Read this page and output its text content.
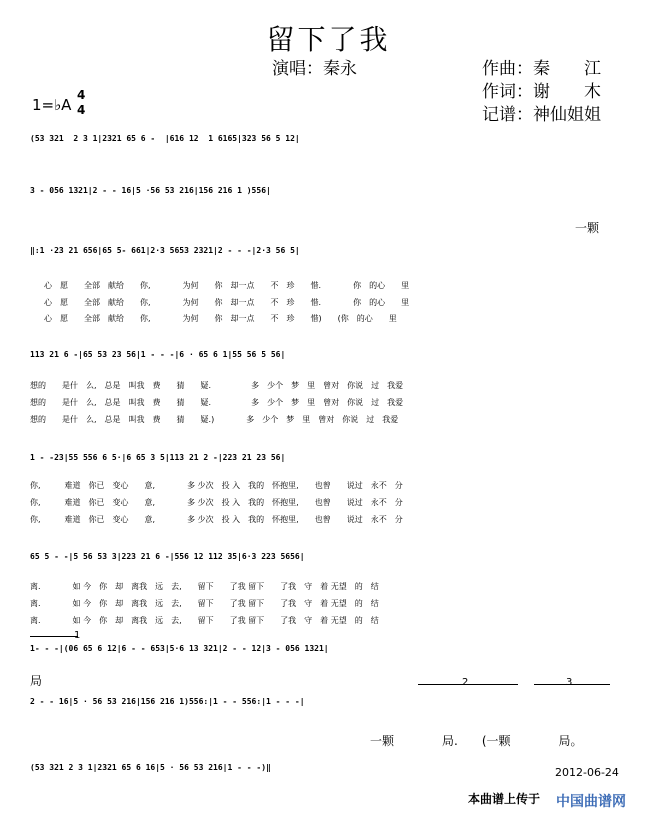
留下了我
演唱：秦永	作曲：秦　　江
作词：谢　　木
记谱：神仙姐姐
1=♭A
4
4
(53 321  2 3 1|2321 65 6 -  |616 12  1 6165|323 56 5 12|
3 - 056 1321|2 - - 16|5 ·56 53 216|156 216 1 )556|
一颗
‖:1 ·23 21 656|65 5- 661|2·3 5653 2321|2 - - -|2·3 56 5|
心　愿　　全部　献给　　你,　　　　为何　　你　却一点　　不　珍　　惜.　　　　你　的心　　里
心　愿　　全部　献给　　你,　　　　为何　　你　却一点　　不　珍　　惜.　　　　你　的心　　里
心　愿　　全部　献给　　你,　　　　为何　　你　却一点　　不　珍　　惜)　　(你　的心　　里
113 21 6 -|65 53 23 56|1 - - -|6 · 65 6 1|55 56 5 56|
想的　　是什　么,　总是　叫我　费　　猜　　疑.　　　　　多　少个　梦　里　曾对　你说　过　我爱
想的　　是什　么,　总是　叫我　费　　猜　　疑.　　　　　多　少个　梦　里　曾对　你说　过　我爱
想的　　是什　么,　总是　叫我　费　　猜　　疑.)　　　　多　少个　梦　里　曾对　你说　过　我爱
1 - -23|55 556 6 5·|6 65 3 5|113 21 2 -|223 21 23 56|
你,　　　难道　你已　变心　　意,　　　　多 少次　投 入　我的　怀抱里,　　也曾　　说过　永不　分
你,　　　难道　你已　变心　　意,　　　　多 少次　投 入　我的　怀抱里,　　也曾　　说过　永不　分
你,　　　难道　你已　变心　　意,　　　　多 少次　投 入　我的　怀抱里,　　也曾　　说过　永不　分
65 5 - -|5 56 53 3|223 21 6 -|556 12 112 35|6·3 223 5656|
离.　　　　如 今　你　却　离我　远　去,　　留下　　了我 留下　　了我　守　着 无望　的　结
离.　　　　如 今　你　却　离我　远　去,　　留下　　了我 留下　　了我　守　着 无望　的　结
离.　　　　如 今　你　却　离我　远　去,　　留下　　了我 留下　　了我　守　着 无望　的　结
1
1- - -|(06 65 6 12|6 - - 653|5·6 13 321|2 - - 12|3 - 056 1321|
局	2	3
2 - - 16|5 · 56 53 216|156 216 1)556:|1 - - 556:|1 - - -|
一颗　　　　局.　　(一颗　　　　局。
(53 321 2 3 1|2321 65 6 16|5 · 56 53 216|1 - - -)‖	2012-06-24
本曲谱上传于 中国曲谱网
